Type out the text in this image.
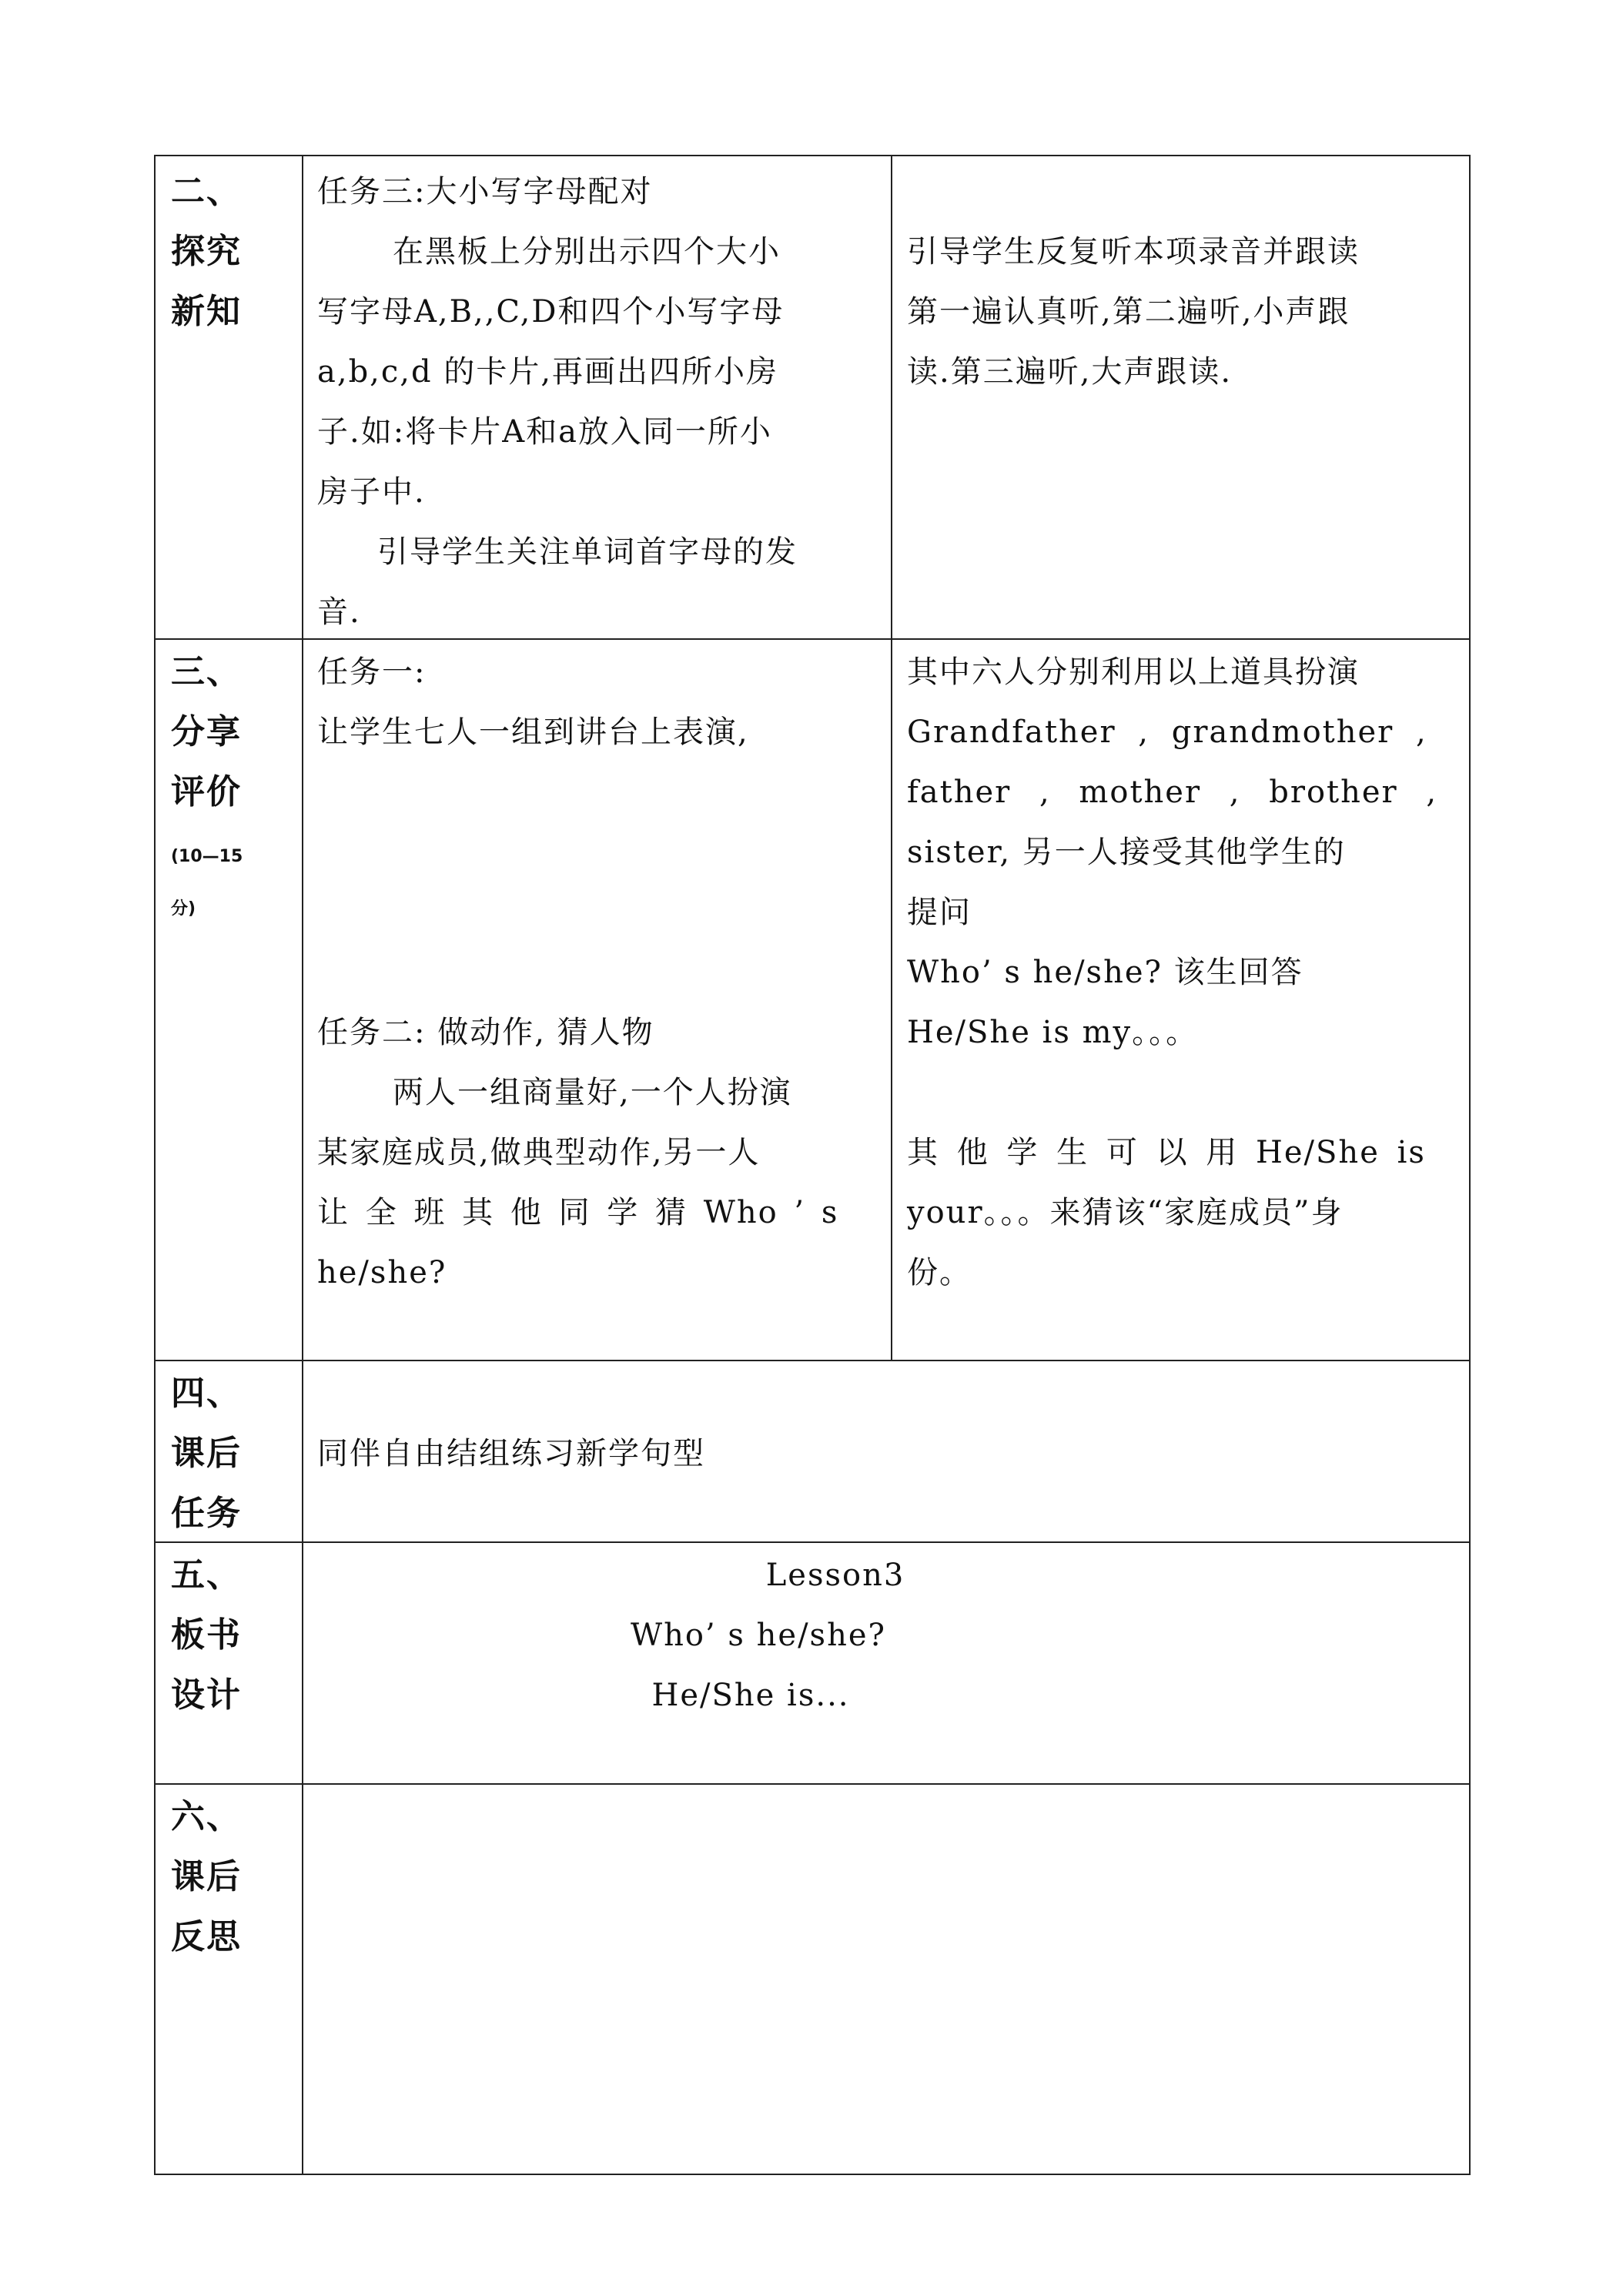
二、
探究
新知
任务三:大小写字母配对
在黑板上分别出示四个大小
写字母A,B,,C,D和四个小写字母
a,b,c,d 的卡片,再画出四所小房
子.如:将卡片A和a放入同一所小
房子中.
引导学生关注单词首字母的发
音.
引导学生反复听本项录音并跟读
第一遍认真听,第二遍听,小声跟
读.第三遍听,大声跟读.
三、
分享
评价
(10—15
分)
任务一:
让学生七人一组到讲台上表演,
任务二: 做动作, 猜人物
两人一组商量好,一个人扮演
某家庭成员,做典型动作,另一人
让 全 班 其 他 同 学 猜 Who ’ s
he/she?
其中六人分别利用以上道具扮演
Grandfather , grandmother ,
father , mother , brother ,
sister, 另一人接受其他学生的
提问
Who’ s he/she? 该生回答
He/She is my。。。
其 他 学 生 可 以 用 He/She is
your。。。来猜该“家庭成员”身
份。
四、
课后
任务
同伴自由结组练习新学句型
五、
板书
设计
Lesson3
Who’ s he/she?
He/She is...
六、
课后
反思
